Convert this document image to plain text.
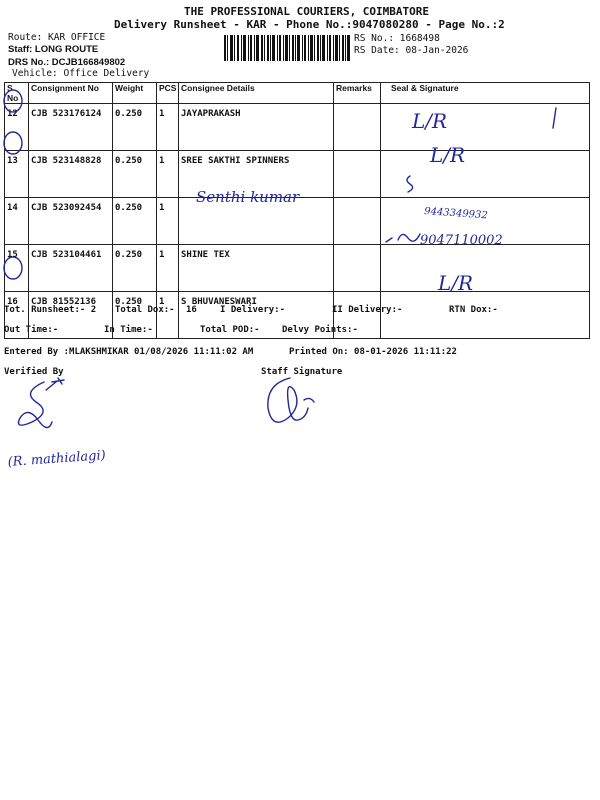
THE PROFESSIONAL COURIERS, COIMBATORE
Delivery Runsheet - KAR - Phone No.:9047080280 - Page No.:2
Route: KAR OFFICE
Staff: LONG ROUTE
DRS No.: DCJB166849802
Vehicle: Office Delivery
RS No.: 1668498
RS Date: 08-Jan-2026
S No	Consignment No	Weight	PCS	Consignee Details	Remarks	Seal & Signature
12	CJB 523176124	0.250	1	JAYAPRAKASH		
13	CJB 523148828	0.250	1	SREE SAKTHI SPINNERS		
14	CJB 523092454	0.250	1			
15	CJB 523104461	0.250	1	SHINE TEX		
16	CJB 81552136	0.250	1	S BHUVANESWARI		
L/R
L/R
L/R
Senthi kumar
9443349932
9047110002
Tot. Runsheet:- 2 Total Dox:- 16	I Delivery:-	II Delivery:-	RTN Dox:-
Out Time:-	In Time:-	Total POD:- Delvy Points:-
Entered By :MLAKSHMIKAR 01/08/2026 11:11:02 AM	Printed On: 08-01-2026 11:11:22
Verified By	Staff Signature
(R. mathialagi)
